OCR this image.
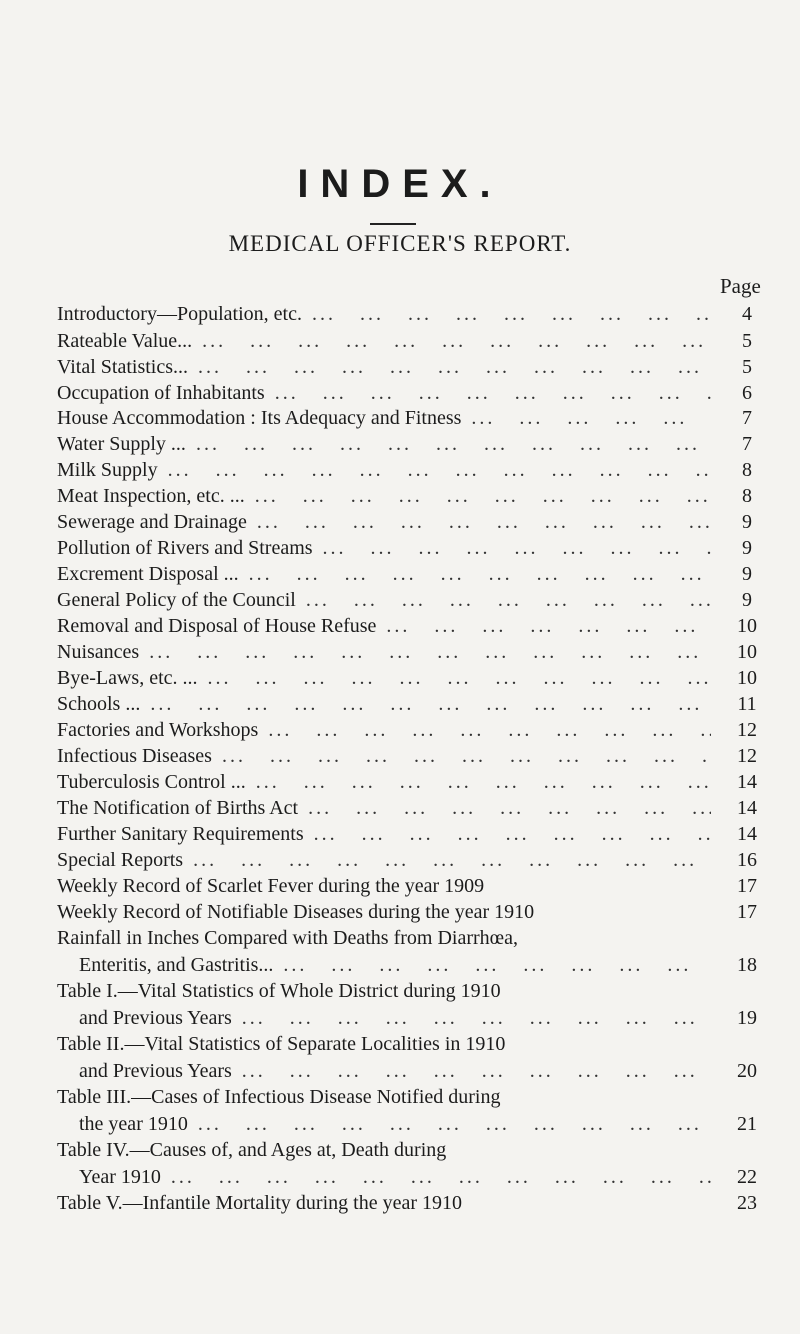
INDEX.
MEDICAL OFFICER'S REPORT.
Page
Introductory—Population, etc. ...	4
Rateable Value... ...	5
Vital Statistics... ...	5
Occupation of Inhabitants ...	6
House Accommodation : Its Adequacy and Fitness ...	7
Water Supply ... ...	7
Milk Supply ...	8
Meat Inspection, etc. ... ...	8
Sewerage and Drainage ...	9
Pollution of Rivers and Streams ...	9
Excrement Disposal ... ...	9
General Policy of the Council ...	9
Removal and Disposal of House Refuse ...	10
Nuisances ...	10
Bye-Laws, etc. ... ...	10
Schools ... ...	11
Factories and Workshops ...	12
Infectious Diseases ...	12
Tuberculosis Control ... ...	14
The Notification of Births Act ...	14
Further Sanitary Requirements ...	14
Special Reports ...	16
Weekly Record of Scarlet Fever during the year 1909	17
Weekly Record of Notifiable Diseases during the year 1910	17
Rainfall in Inches Compared with Deaths from Diarrhœa,
Enteritis, and Gastritis... ...	18
Table I.—Vital Statistics of Whole District during 1910
and Previous Years ...	19
Table II.—Vital Statistics of Separate Localities in 1910
and Previous Years ...	20
Table III.—Cases of Infectious Disease Notified during
the year 1910 ...	21
Table IV.—Causes of, and Ages at, Death during
Year 1910 ...	22
Table V.—Infantile Mortality during the year 1910	23
